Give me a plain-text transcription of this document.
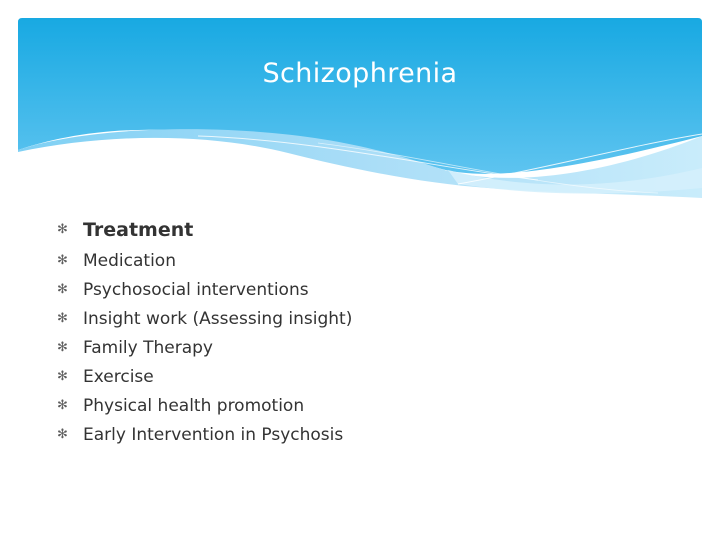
Schizophrenia
✻ Treatment
✻ Medication
✻ Psychosocial interventions
✻ Insight work (Assessing insight)
✻ Family Therapy
✻ Exercise
✻ Physical health promotion
✻ Early Intervention in Psychosis
